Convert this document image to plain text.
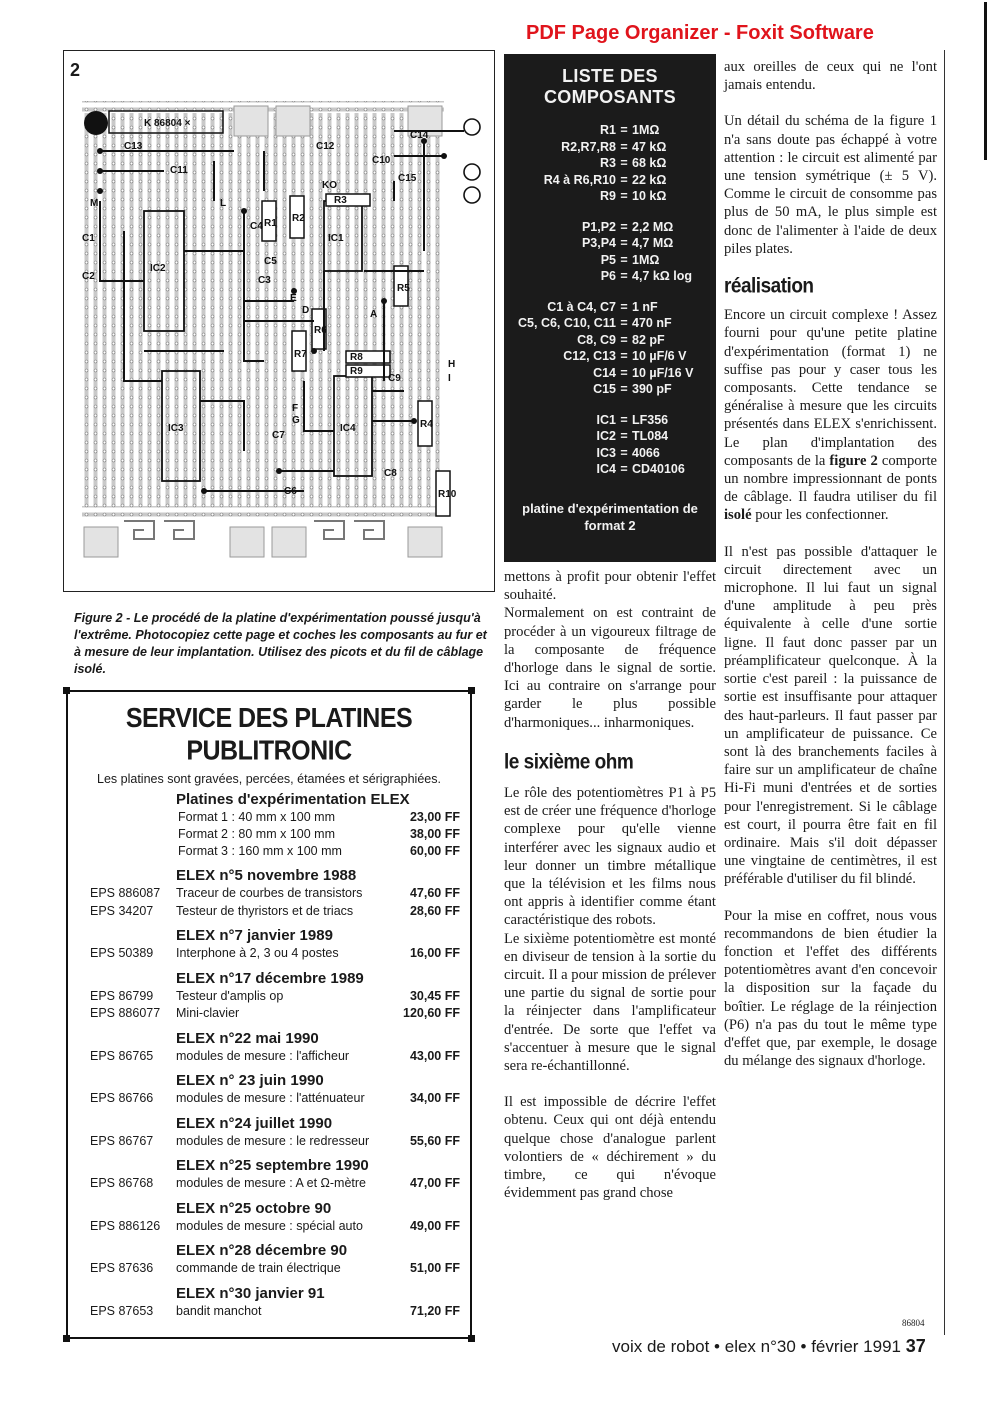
PDF Page Organizer - Foxit Software
2
K 86804 ×
C13	C12
C14
C10
C11
C15
KO
C4 R1 R2
R3
IC2
IC1
C5
C3
C1
C2
R5
R6
R7	R8
R9
C7
IC3	IC4	R4
C9
C8
C6	R10
M	L
E
D	A
F
G
H
I
Figure 2 - Le procédé de la platine d'expérimentation poussé jusqu'à l'extrême. Photocopiez cette page et coches les composants au fur et à mesure de leur implantation. Utilisez des picots et du fil de câblage isolé.
LISTE DES COMPOSANTS
R1 = 1MΩ
R2,R7,R8 = 47 kΩ
R3 = 68 kΩ
R4 à R6,R10 = 22 kΩ
R9 = 10 kΩ
P1,P2 = 2,2 MΩ
P3,P4 = 4,7 MΩ
P5 = 1MΩ
P6 = 4,7 kΩ log
C1 à C4, C7 = 1 nF
C5, C6, C10, C11 = 470 nF
C8, C9 = 82 pF
C12, C13 = 10 µF/6 V
C14 = 10 µF/16 V
C15 = 390 pF
IC1 = LF356
IC2 = TL084
IC3 = 4066
IC4 = CD40106
platine d'expérimentation de format 2
SERVICE DES PLATINES PUBLITRONIC
Les platines sont gravées, percées, étamées et sérigraphiées.
Platines d'expérimentation ELEX
Format 1 : 40 mm x 100 mm	23,00 FF
Format 2 : 80 mm x 100 mm	38,00 FF
Format 3 : 160 mm x 100 mm	60,00 FF
ELEX n°5 novembre 1988
EPS 886087	Traceur de courbes de transistors	47,60 FF
EPS 34207	Testeur de thyristors et de triacs	28,60 FF
ELEX n°7 janvier 1989
EPS 50389	Interphone à 2, 3 ou 4 postes	16,00 FF
ELEX n°17 décembre 1989
EPS 86799	Testeur d'amplis op	30,45 FF
EPS 886077	Mini-clavier	120,60 FF
ELEX n°22 mai 1990
EPS 86765	modules de mesure : l'afficheur	43,00 FF
ELEX n° 23 juin 1990
EPS 86766	modules de mesure : l'atténuateur	34,00 FF
ELEX n°24 juillet 1990
EPS 86767	modules de mesure : le redresseur	55,60 FF
ELEX n°25 septembre 1990
EPS 86768	modules de mesure : A et Ω-mètre	47,00 FF
ELEX n°25 octobre 90
EPS 886126	modules de mesure : spécial auto	49,00 FF
ELEX n°28 décembre 90
EPS 87636	commande de train électrique	51,00 FF
ELEX n°30 janvier 91
EPS 87653	bandit manchot	71,20 FF

mettons à profit pour obtenir l'effet souhaité.

Normalement on est contraint de procéder à un vigoureux filtrage de la composante de fréquence d'horloge dans le signal de sortie. Ici au contraire on s'arrange pour garder le plus possible d'harmoniques... inharmoniques.

le sixième ohm

Le rôle des potentiomètres P1 à P5 est de créer une fréquence d'horloge complexe pour qu'elle vienne interférer avec les signaux audio et leur donner un timbre métallique que la télévision et les films nous ont appris à identifier comme étant caractéristique des robots.

Le sixième potentiomètre est monté en diviseur de tension à la sortie du circuit. Il a pour mission de prélever une partie du signal de sortie pour la réinjecter dans l'amplificateur d'entrée. De sorte que l'effet va s'accentuer à mesure que le signal sera re-échantillonné.

Il est impossible de décrire l'effet obtenu. Ceux qui ont déjà entendu quelque chose d'analogue parlent volontiers de « déchirement » du timbre, ce qui n'évoque évidemment pas grand chose

aux oreilles de ceux qui ne l'ont jamais entendu.

Un détail du schéma de la figure 1 n'a sans doute pas échappé à votre attention : le circuit est alimenté par une tension symétrique (± 5 V). Comme le circuit de consomme pas plus de 50 mA, le plus simple est donc de l'alimenter à l'aide de deux piles plates.

réalisation

Encore un circuit complexe ! Assez fourni pour qu'une petite platine d'expérimentation (format 1) ne suffise pas pour y caser tous les composants. Cette tendance se généralise à mesure que les circuits présentés dans ELEX s'enrichissent. Le plan d'implantation des composants de la figure 2 comporte un nombre impressionnant de ponts de câblage. Il faudra utiliser du fil isolé pour les confectionner.

Il n'est pas possible d'attaquer le circuit directement avec un microphone. Il lui faut un signal d'une amplitude à peu près équivalente à celle d'une sortie ligne. Il faut donc passer par un préamplificateur quelconque. À la sortie c'est pareil : la puissance de sortie est insuffisante pour attaquer des haut-parleurs. Il faut passer par un amplificateur de puissance. Ce sont là des branchements faciles à faire sur un amplificateur de chaîne Hi-Fi muni d'entrées et de sorties pour l'enregistrement. Si le câblage est court, il pourra être fait en fil ordinaire. Mais s'il doit dépasser une vingtaine de centimètres, il est préférable d'utiliser du fil blindé.

Pour la mise en coffret, nous vous recommandons de bien étudier la fonction et l'effet des différents potentiomètres avant d'en concevoir la disposition sur la façade du boîtier. Le réglage de la réinjection (P6) n'a pas du tout le même type d'effet que, par exemple, le dosage du mélange des signaux d'horloge.

86804
voix de robot • elex n°30 • février 1991 37
